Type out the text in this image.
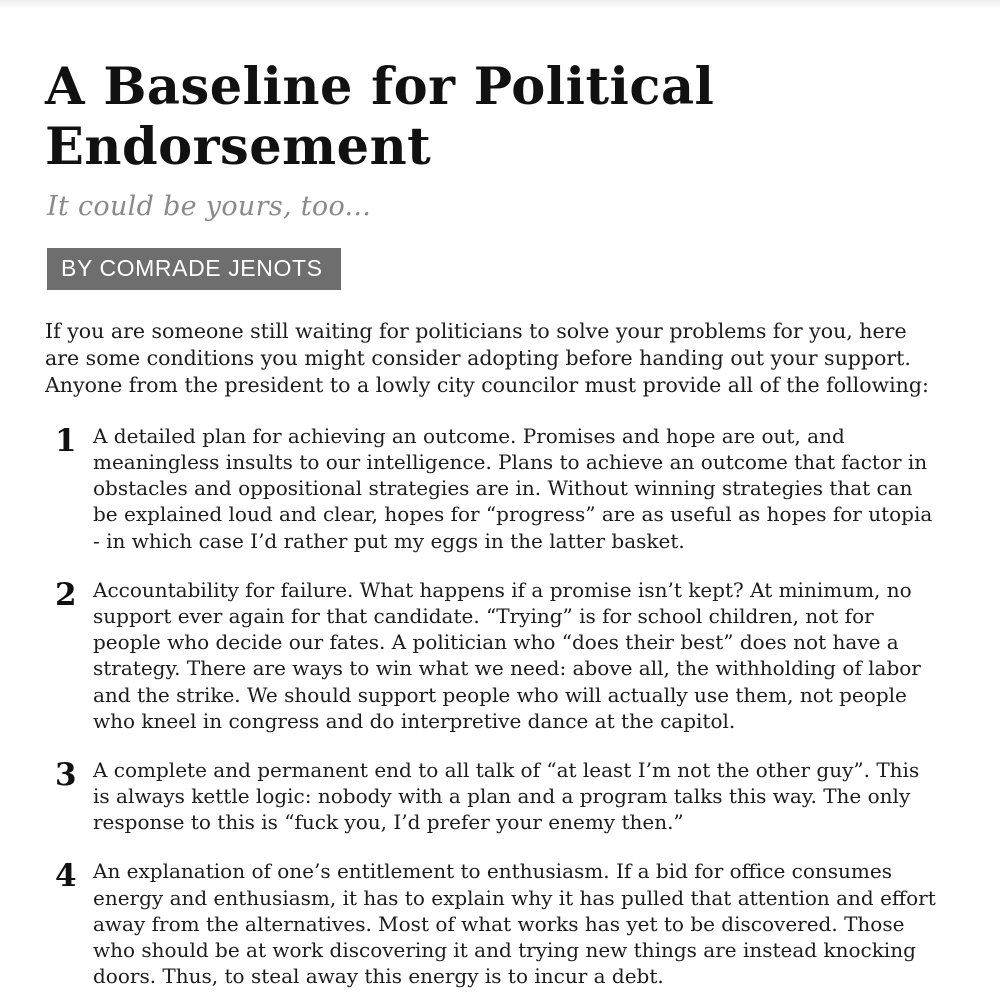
A Baseline for Political Endorsement
It could be yours, too...
BY COMRADE JENOTS

If you are someone still waiting for politicians to solve your problems for you, here are some conditions you might consider adopting before handing out your support. Anyone from the president to a lowly city councilor must provide all of the following:

1 A detailed plan for achieving an outcome. Promises and hope are out, and meaningless insults to our intelligence. Plans to achieve an outcome that factor in obstacles and oppositional strategies are in. Without winning strategies that can be explained loud and clear, hopes for “progress” are as useful as hopes for utopia - in which case I’d rather put my eggs in the latter basket.
2 Accountability for failure. What happens if a promise isn’t kept? At minimum, no support ever again for that candidate. “Trying” is for school children, not for people who decide our fates. A politician who “does their best” does not have a strategy. There are ways to win what we need: above all, the withholding of labor and the strike. We should support people who will actually use them, not people who kneel in congress and do interpretive dance at the capitol.
3 A complete and permanent end to all talk of “at least I’m not the other guy”. This is always kettle logic: nobody with a plan and a program talks this way. The only response to this is “fuck you, I’d prefer your enemy then.”
4 An explanation of one’s entitlement to enthusiasm. If a bid for office consumes energy and enthusiasm, it has to explain why it has pulled that attention and effort away from the alternatives. Most of what works has yet to be discovered. Those who should be at work discovering it and trying new things are instead knocking doors. Thus, to steal away this energy is to incur a debt.
